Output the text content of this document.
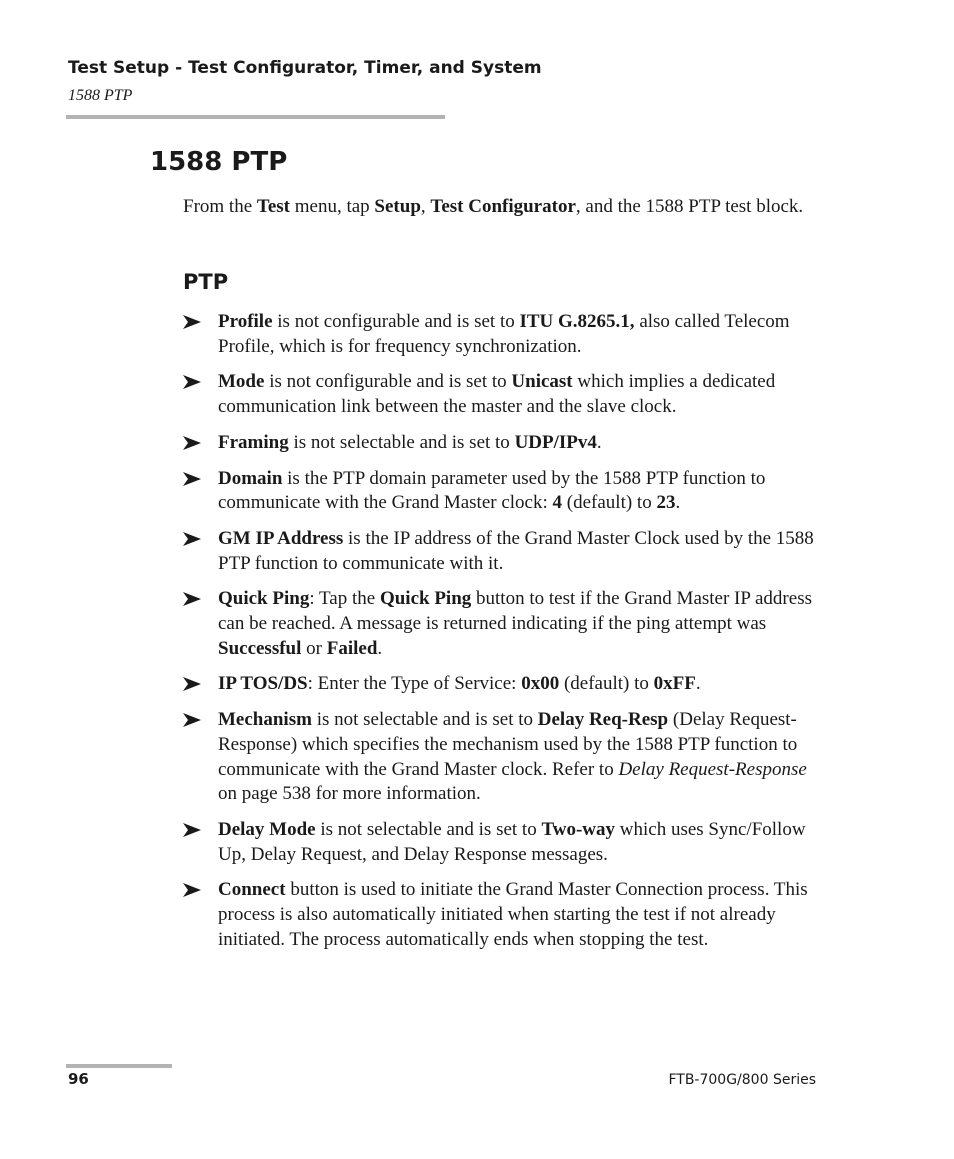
Test Setup - Test Configurator, Timer, and System
1588 PTP
1588 PTP

From the Test menu, tap Setup, Test Configurator, and the 1588 PTP test block.

PTP
Profile is not configurable and is set to ITU G.8265.1, also called Telecom Profile, which is for frequency synchronization.
Mode is not configurable and is set to Unicast which implies a dedicated communication link between the master and the slave clock.
Framing is not selectable and is set to UDP/IPv4.
Domain is the PTP domain parameter used by the 1588 PTP function to communicate with the Grand Master clock: 4 (default) to 23.
GM IP Address is the IP address of the Grand Master Clock used by the 1588 PTP function to communicate with it.
Quick Ping: Tap the Quick Ping button to test if the Grand Master IP address can be reached. A message is returned indicating if the ping attempt was Successful or Failed.
IP TOS/DS: Enter the Type of Service: 0x00 (default) to 0xFF.
Mechanism is not selectable and is set to Delay Req-Resp (Delay Request-Response) which specifies the mechanism used by the 1588 PTP function to communicate with the Grand Master clock. Refer to Delay Request-Response on page 538 for more information.
Delay Mode is not selectable and is set to Two-way which uses Sync/Follow Up, Delay Request, and Delay Response messages.
Connect button is used to initiate the Grand Master Connection process. This process is also automatically initiated when starting the test if not already initiated. The process automatically ends when stopping the test.
96	FTB-700G/800 Series
